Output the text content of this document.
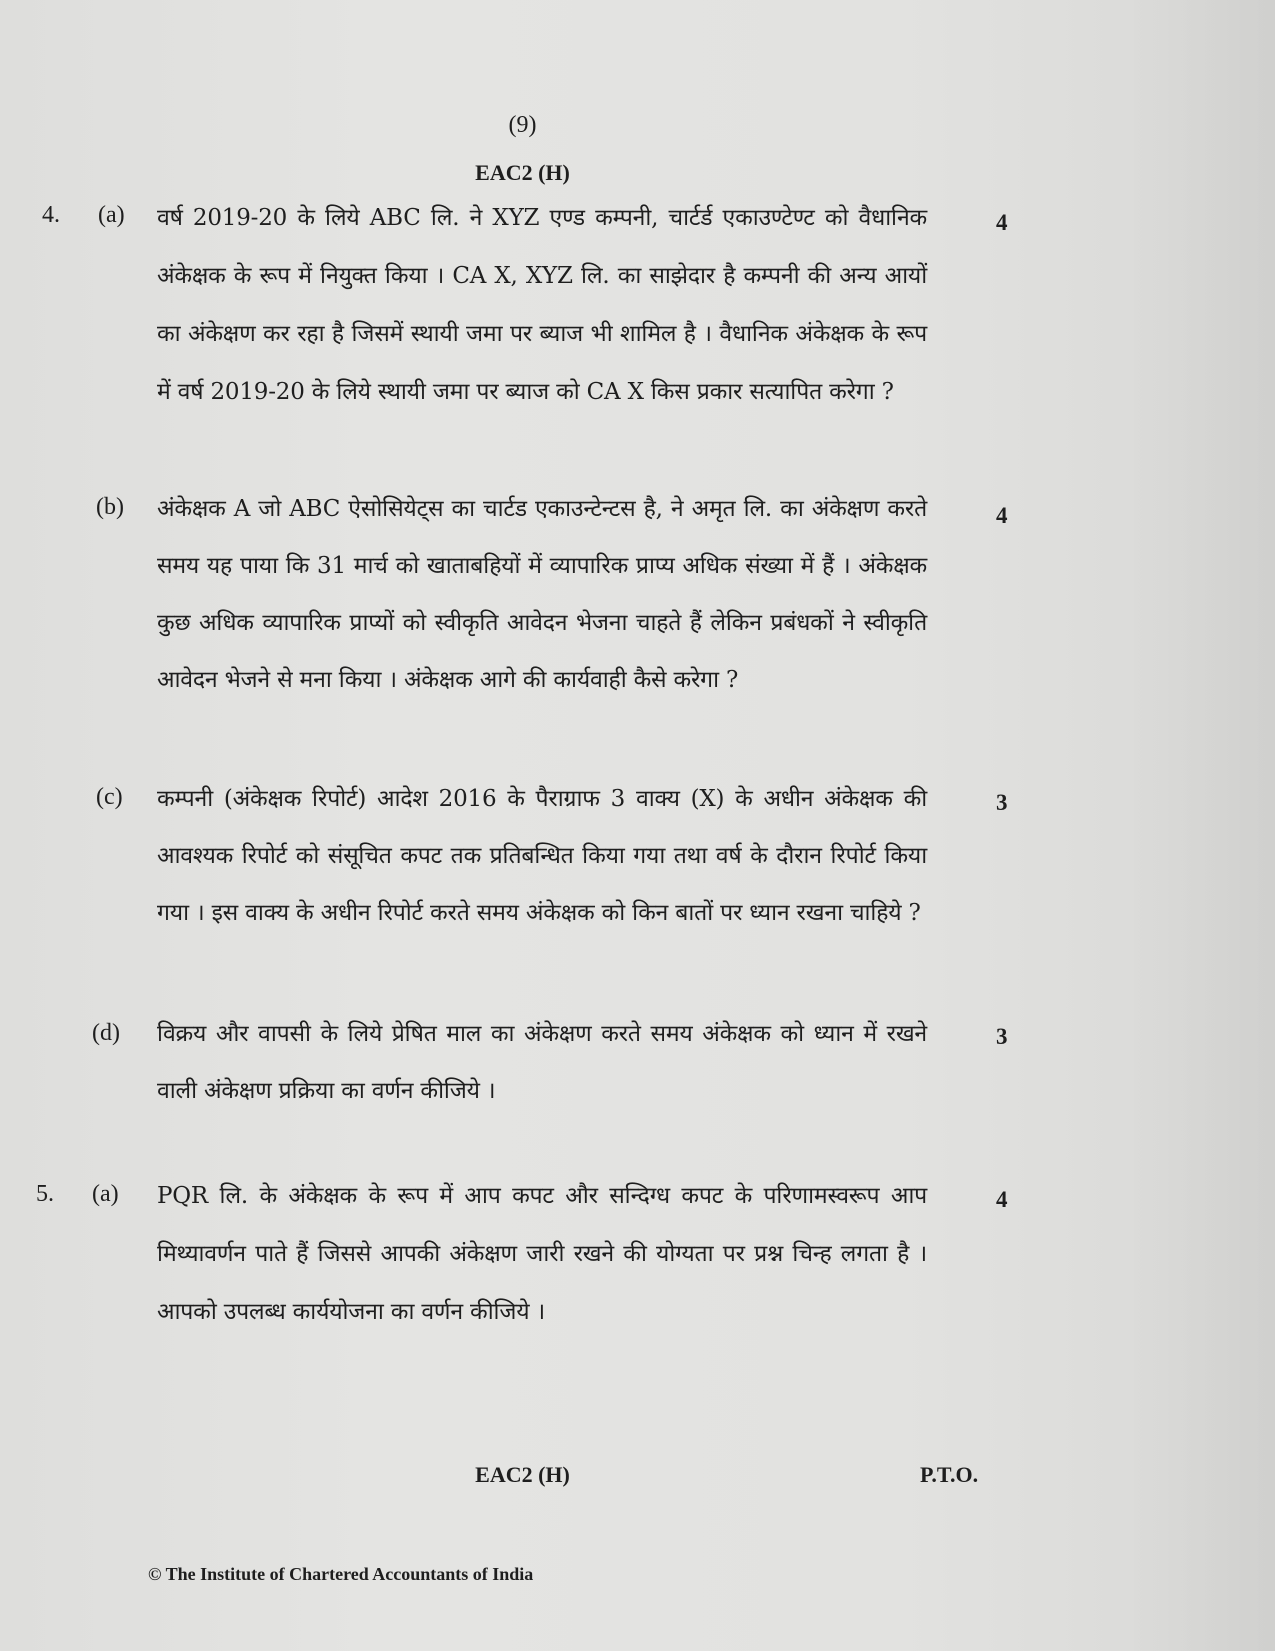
(9)
EAC2 (H)
4. (a) वर्ष 2019-20 के लिये ABC लि. ने XYZ एण्ड कम्पनी, चार्टर्ड एकाउण्टेण्ट को वैधानिक अंकेक्षक के रूप में नियुक्त किया । CA X, XYZ लि. का साझेदार है कम्पनी की अन्य आयों का अंकेक्षण कर रहा है जिसमें स्थायी जमा पर ब्याज भी शामिल है । वैधानिक अंकेक्षक के रूप में वर्ष 2019-20 के लिये स्थायी जमा पर ब्याज को CA X किस प्रकार सत्यापित करेगा ?
4
(b) अंकेक्षक A जो ABC ऐसोसियेट्स का चार्टड एकाउन्टेन्टस है, ने अमृत लि. का अंकेक्षण करते समय यह पाया कि 31 मार्च को खाताबहियों में व्यापारिक प्राप्य अधिक संख्या में हैं । अंकेक्षक कुछ अधिक व्यापारिक प्राप्यों को स्वीकृति आवेदन भेजना चाहते हैं लेकिन प्रबंधकों ने स्वीकृति आवेदन भेजने से मना किया । अंकेक्षक आगे की कार्यवाही कैसे करेगा ?
4
(c) कम्पनी (अंकेक्षक रिपोर्ट) आदेश 2016 के पैराग्राफ 3 वाक्य (X) के अधीन अंकेक्षक की आवश्यक रिपोर्ट को संसूचित कपट तक प्रतिबन्धित किया गया तथा वर्ष के दौरान रिपोर्ट किया गया । इस वाक्य के अधीन रिपोर्ट करते समय अंकेक्षक को किन बातों पर ध्यान रखना चाहिये ?
3
(d) विक्रय और वापसी के लिये प्रेषित माल का अंकेक्षण करते समय अंकेक्षक को ध्यान में रखने वाली अंकेक्षण प्रक्रिया का वर्णन कीजिये ।
3
5. (a) PQR लि. के अंकेक्षक के रूप में आप कपट और सन्दिग्ध कपट के परिणामस्वरूप आप मिथ्यावर्णन पाते हैं जिससे आपकी अंकेक्षण जारी रखने की योग्यता पर प्रश्न चिन्ह लगता है । आपको उपलब्ध कार्ययोजना का वर्णन कीजिये ।
4
EAC2 (H)	P.T.O.
© The Institute of Chartered Accountants of India
